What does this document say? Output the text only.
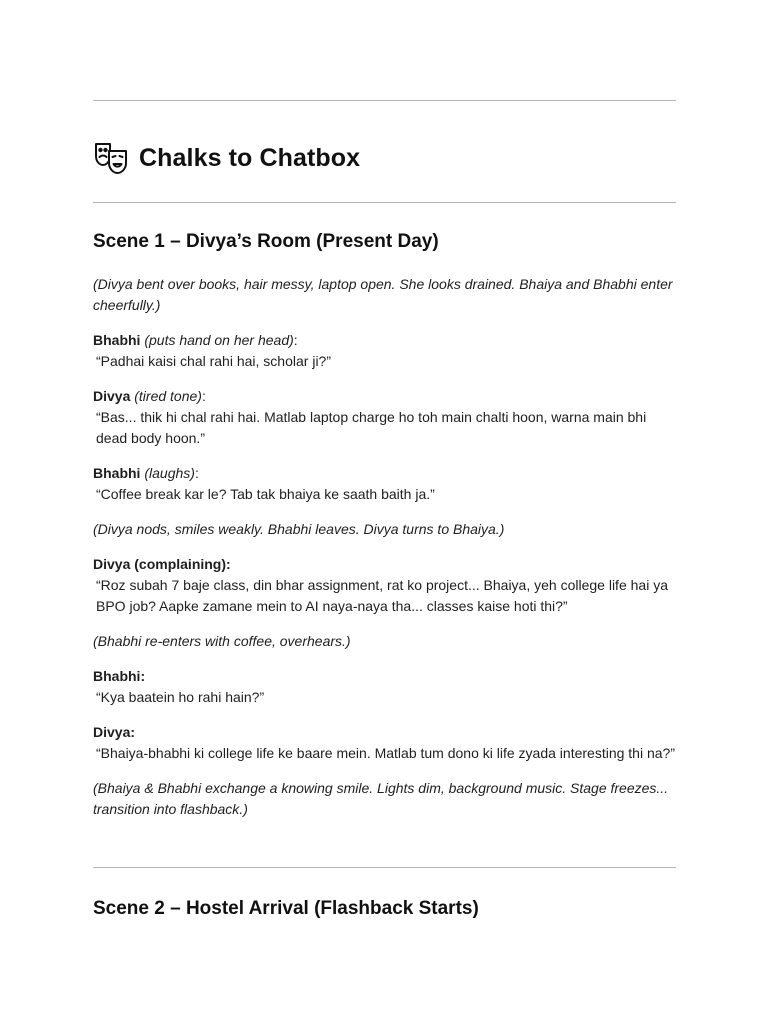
Chalks to Chatbox
Scene 1 – Divya’s Room (Present Day)

(Divya bent over books, hair messy, laptop open. She looks drained. Bhaiya and Bhabhi enter cheerfully.)

Bhabhi (puts hand on her head):
“Padhai kaisi chal rahi hai, scholar ji?”

Divya (tired tone):
“Bas... thik hi chal rahi hai. Matlab laptop charge ho toh main chalti hoon, warna main bhi dead body hoon.”

Bhabhi (laughs):
“Coffee break kar le? Tab tak bhaiya ke saath baith ja.”

(Divya nods, smiles weakly. Bhabhi leaves. Divya turns to Bhaiya.)

Divya (complaining):
“Roz subah 7 baje class, din bhar assignment, rat ko project... Bhaiya, yeh college life hai ya BPO job? Aapke zamane mein to AI naya-naya tha... classes kaise hoti thi?”

(Bhabhi re-enters with coffee, overhears.)

Bhabhi:
“Kya baatein ho rahi hain?”

Divya:
“Bhaiya-bhabhi ki college life ke baare mein. Matlab tum dono ki life zyada interesting thi na?”

(Bhaiya & Bhabhi exchange a knowing smile. Lights dim, background music. Stage freezes... transition into flashback.)

Scene 2 – Hostel Arrival (Flashback Starts)
